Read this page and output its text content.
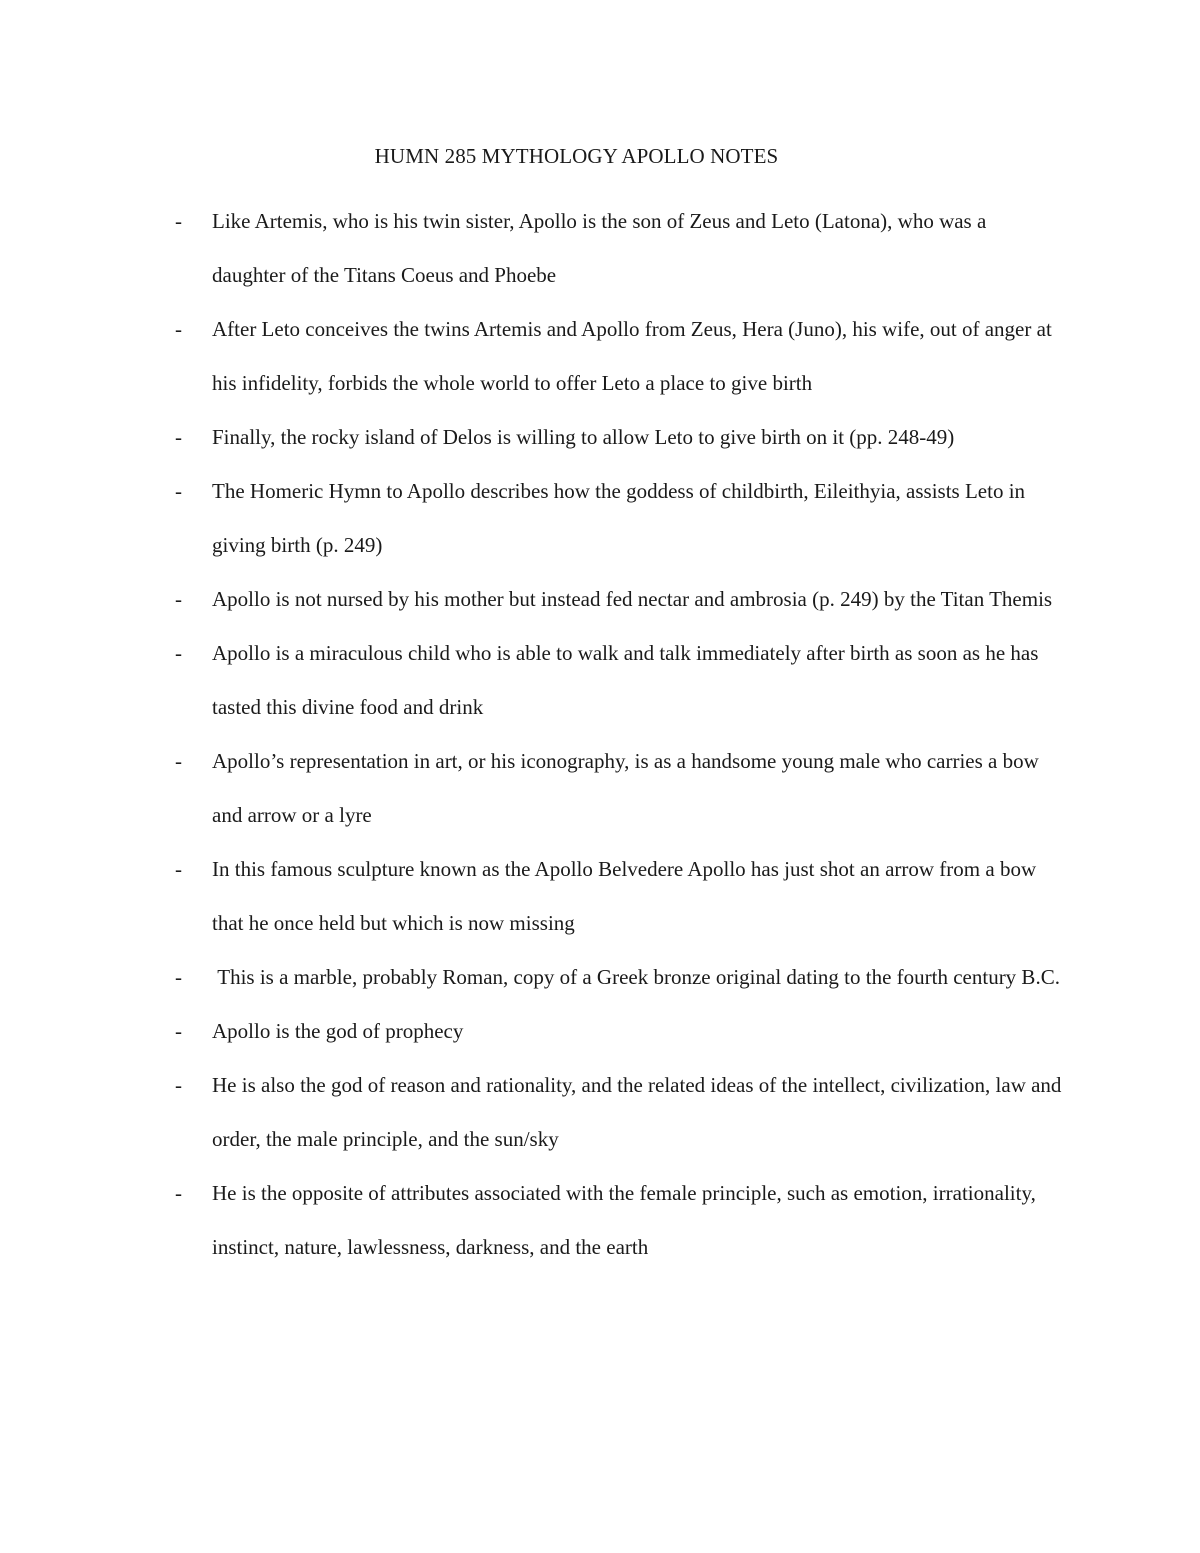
HUMN 285 MYTHOLOGY APOLLO NOTES
- Like Artemis, who is his twin sister, Apollo is the son of Zeus and Leto (Latona), who was a daughter of the Titans Coeus and Phoebe
- After Leto conceives the twins Artemis and Apollo from Zeus, Hera (Juno), his wife, out of anger at his infidelity, forbids the whole world to offer Leto a place to give birth
- Finally, the rocky island of Delos is willing to allow Leto to give birth on it (pp. 248-49)
- The Homeric Hymn to Apollo describes how the goddess of childbirth, Eileithyia, assists Leto in giving birth (p. 249)
- Apollo is not nursed by his mother but instead fed nectar and ambrosia (p. 249) by the Titan Themis
- Apollo is a miraculous child who is able to walk and talk immediately after birth as soon as he has tasted this divine food and drink
- Apollo’s representation in art, or his iconography, is as a handsome young male who carries a bow and arrow or a lyre
- In this famous sculpture known as the Apollo Belvedere Apollo has just shot an arrow from a bow that he once held but which is now missing
- This is a marble, probably Roman, copy of a Greek bronze original dating to the fourth century B.C.
- Apollo is the god of prophecy
- He is also the god of reason and rationality, and the related ideas of the intellect, civilization, law and order, the male principle, and the sun/sky
- He is the opposite of attributes associated with the female principle, such as emotion, irrationality, instinct, nature, lawlessness, darkness, and the earth
